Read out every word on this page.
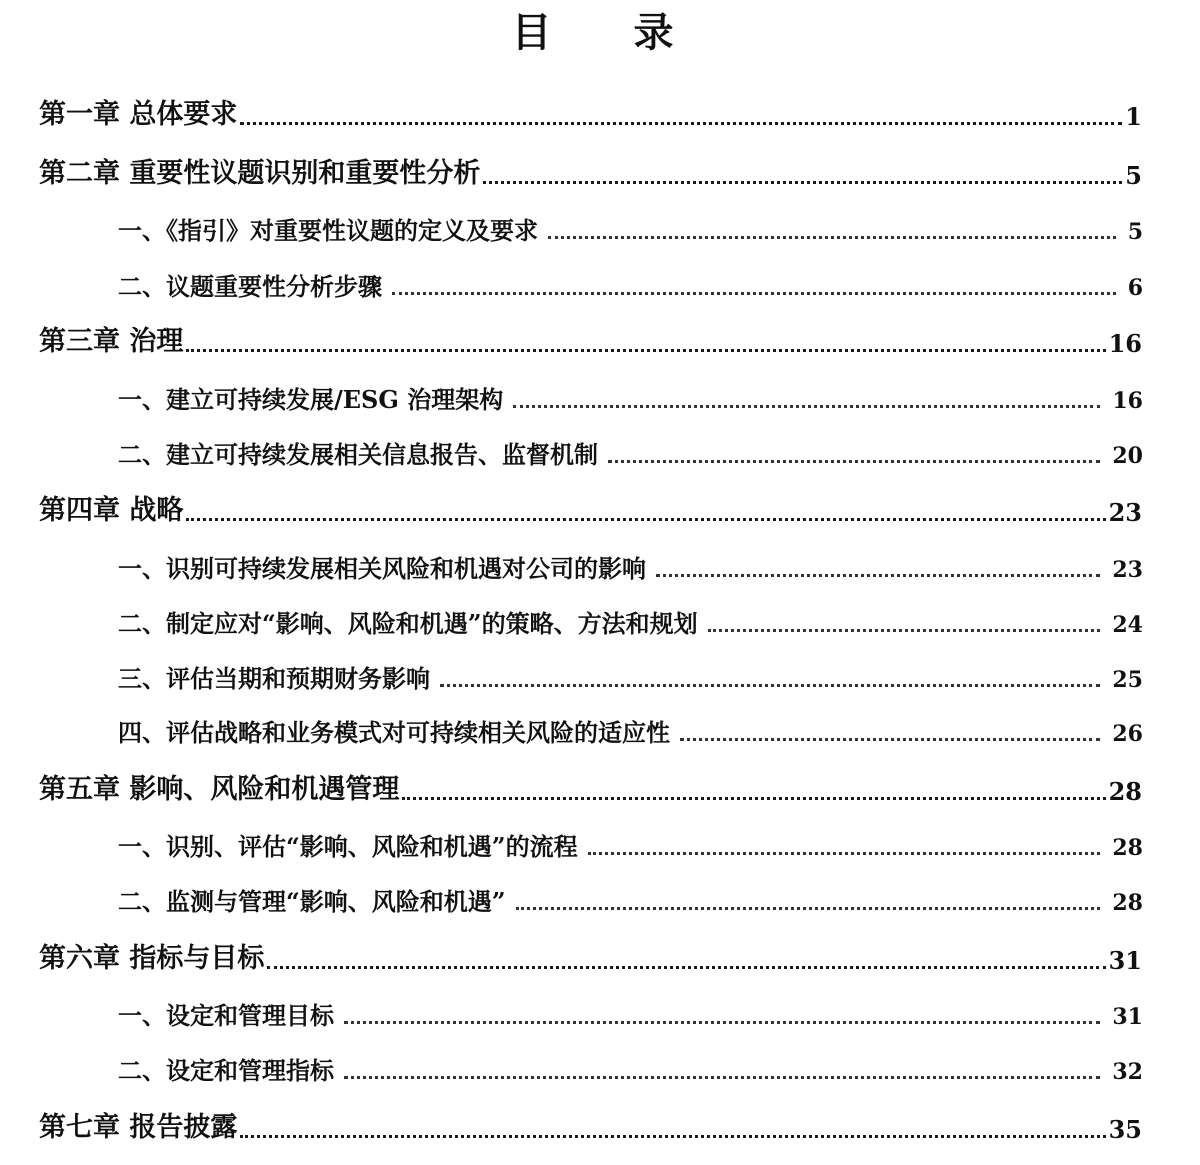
目 录
第一章 总体要求	1
第二章 重要性议题识别和重要性分析	5
一、《指引》对重要性议题的定义及要求	5
二、议题重要性分析步骤	6
第三章 治理	16
一、建立可持续发展/ESG 治理架构	16
二、建立可持续发展相关信息报告、监督机制	20
第四章 战略	23
一、识别可持续发展相关风险和机遇对公司的影响	23
二、制定应对“影响、风险和机遇”的策略、方法和规划	24
三、评估当期和预期财务影响	25
四、评估战略和业务模式对可持续相关风险的适应性	26
第五章 影响、风险和机遇管理	28
一、识别、评估“影响、风险和机遇”的流程	28
二、监测与管理“影响、风险和机遇”	28
第六章 指标与目标	31
一、设定和管理目标	31
二、设定和管理指标	32
第七章 报告披露	35
